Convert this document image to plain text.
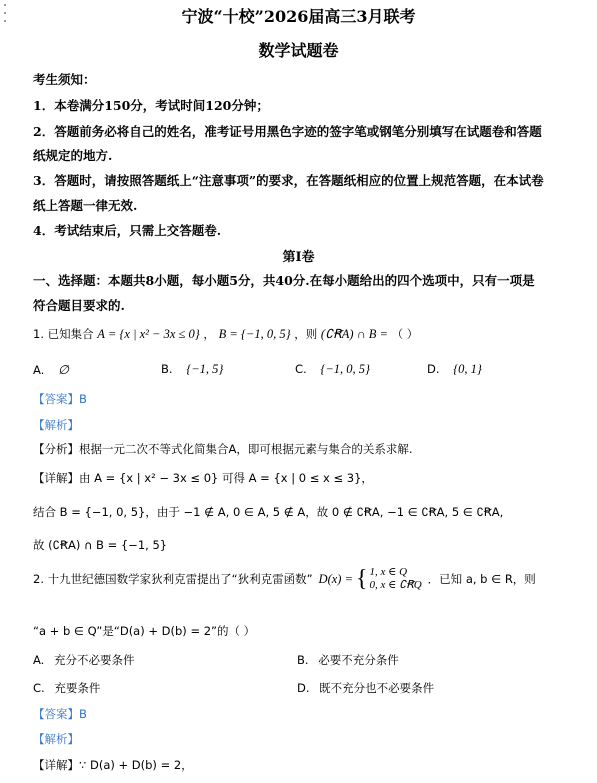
宁波“十校”2026届高三3月联考
数学试题卷
考生须知：
1．本卷满分150分，考试时间120分钟；
2．答题前务必将自己的姓名，准考证号用黑色字迹的签字笔或钢笔分别填写在试题卷和答题
纸规定的地方.
3．答题时，请按照答题纸上“注意事项”的要求，在答题纸相应的位置上规范答题，在本试卷
纸上答题一律无效.
4．考试结束后，只需上交答题卷.
第Ⅰ卷
一、选择题：本题共8小题，每小题5分，共40分.在每小题给出的四个选项中，只有一项是
符合题目要求的.
1. 已知集合 A = {x | x² − 3x ≤ 0} ， B = {−1, 0, 5} ，则 (∁ꞦA) ∩ B = （ ）
A. ∅	B. {−1, 5}	C. {−1, 0, 5}	D. {0, 1}
【答案】B
【解析】
【分析】根据一元二次不等式化简集合A，即可根据元素与集合的关系求解.
【详解】由 A = {x | x² − 3x ≤ 0} 可得 A = {x | 0 ≤ x ≤ 3}，
结合 B = {−1, 0, 5}，由于 −1 ∉ A, 0 ∈ A, 5 ∉ A，故 0 ∉ ∁ꞦA, −1 ∈ ∁ꞦA, 5 ∈ ∁ꞦA,
故 (∁ꞦA) ∩ B = {−1, 5}
2. 十九世纪德国数学家狄利克雷提出了“狄利克雷函数” D(x) = { 1, x ∈ Q
0, x ∈ ∁ꞦQ ．已知 a, b ∈ R，则
“a + b ∈ Q”是“D(a) + D(b) = 2”的（ ）
A. 充分不必要条件	B. 必要不充分条件
C. 充要条件	D. 既不充分也不必要条件
【答案】B
【解析】
【详解】∵ D(a) + D(b) = 2，
